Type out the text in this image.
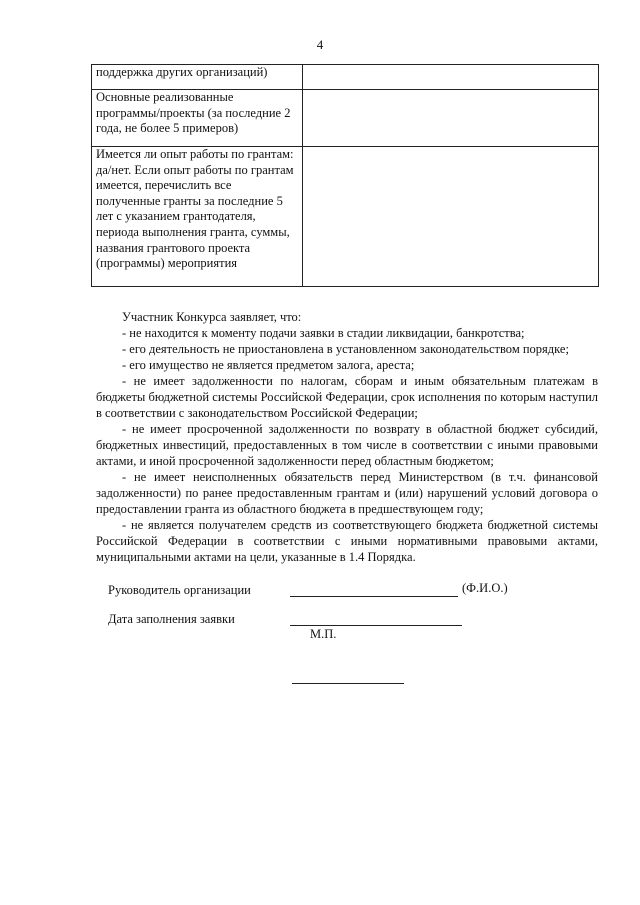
4
поддержка других организаций)	
Основные реализованные программы/проекты (за последние 2 года, не более 5 примеров)	
Имеется ли опыт работы по грантам: да/нет. Если опыт работы по грантам имеется, перечислить все полученные гранты за последние 5 лет с указанием грантодателя, периода выполнения гранта, суммы, названия грантового проекта (программы) мероприятия	

Участник Конкурса заявляет, что:

- не находится к моменту подачи заявки в стадии ликвидации, банкротства;

- его деятельность не приостановлена в установленном законодательством порядке;

- его имущество не является предметом залога, ареста;

- не имеет задолженности по налогам, сборам и иным обязательным платежам в бюджеты бюджетной системы Российской Федерации, срок исполнения по которым наступил в соответствии с законодательством Российской Федерации;

- не имеет просроченной задолженности по возврату в областной бюджет субсидий, бюджетных инвестиций, предоставленных в том числе в соответствии с иными правовыми актами, и иной просроченной задолженности перед областным бюджетом;

- не имеет неисполненных обязательств перед Министерством (в т.ч. финансовой задолженности) по ранее предоставленным грантам и (или) нарушений условий договора о предоставлении гранта из областного бюджета в предшествующем году;

- не является получателем средств из соответствующего бюджета бюджетной системы Российской Федерации в соответствии с иными нормативными правовыми актами, муниципальными актами на цели, указанные в 1.4 Порядка.

Руководитель организации	(Ф.И.О.)
Дата заполнения заявки
М.П.
